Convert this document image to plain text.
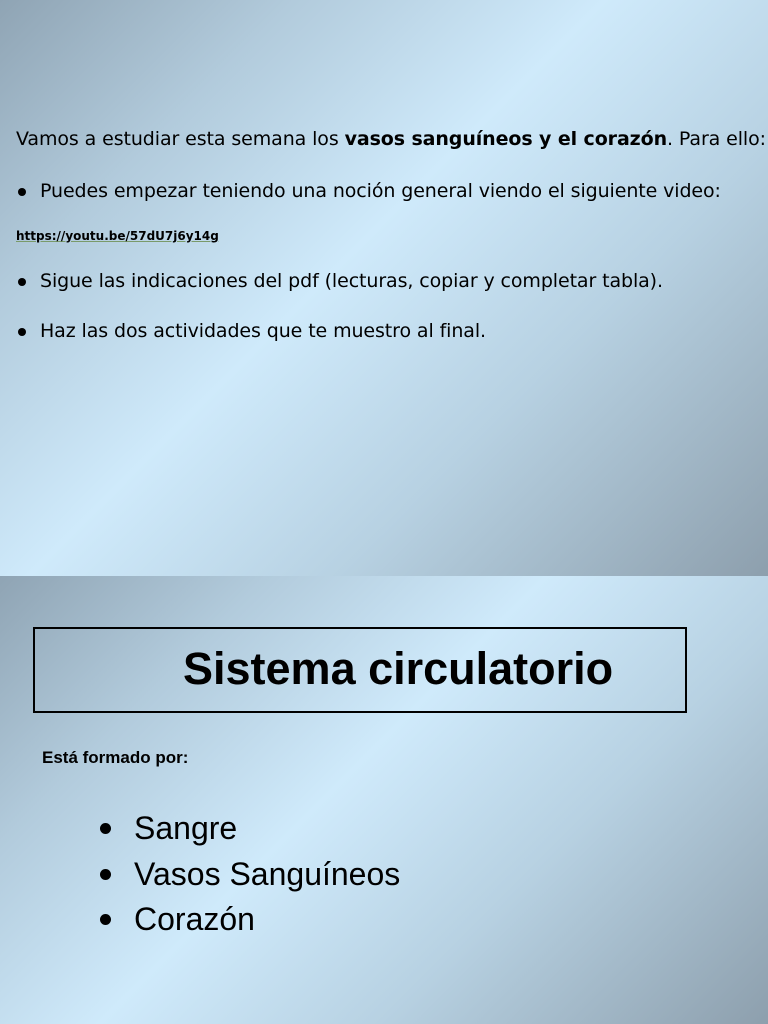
Vamos a estudiar esta semana los vasos sanguíneos y el corazón. Para ello:
Puedes empezar teniendo una noción general viendo el siguiente video:
https://youtu.be/57dU7j6y14g
Sigue las indicaciones del pdf (lecturas, copiar y completar tabla).
Haz las dos actividades que te muestro al final.
Sistema circulatorio
Está formado por:
Sangre
Vasos Sanguíneos
Corazón
